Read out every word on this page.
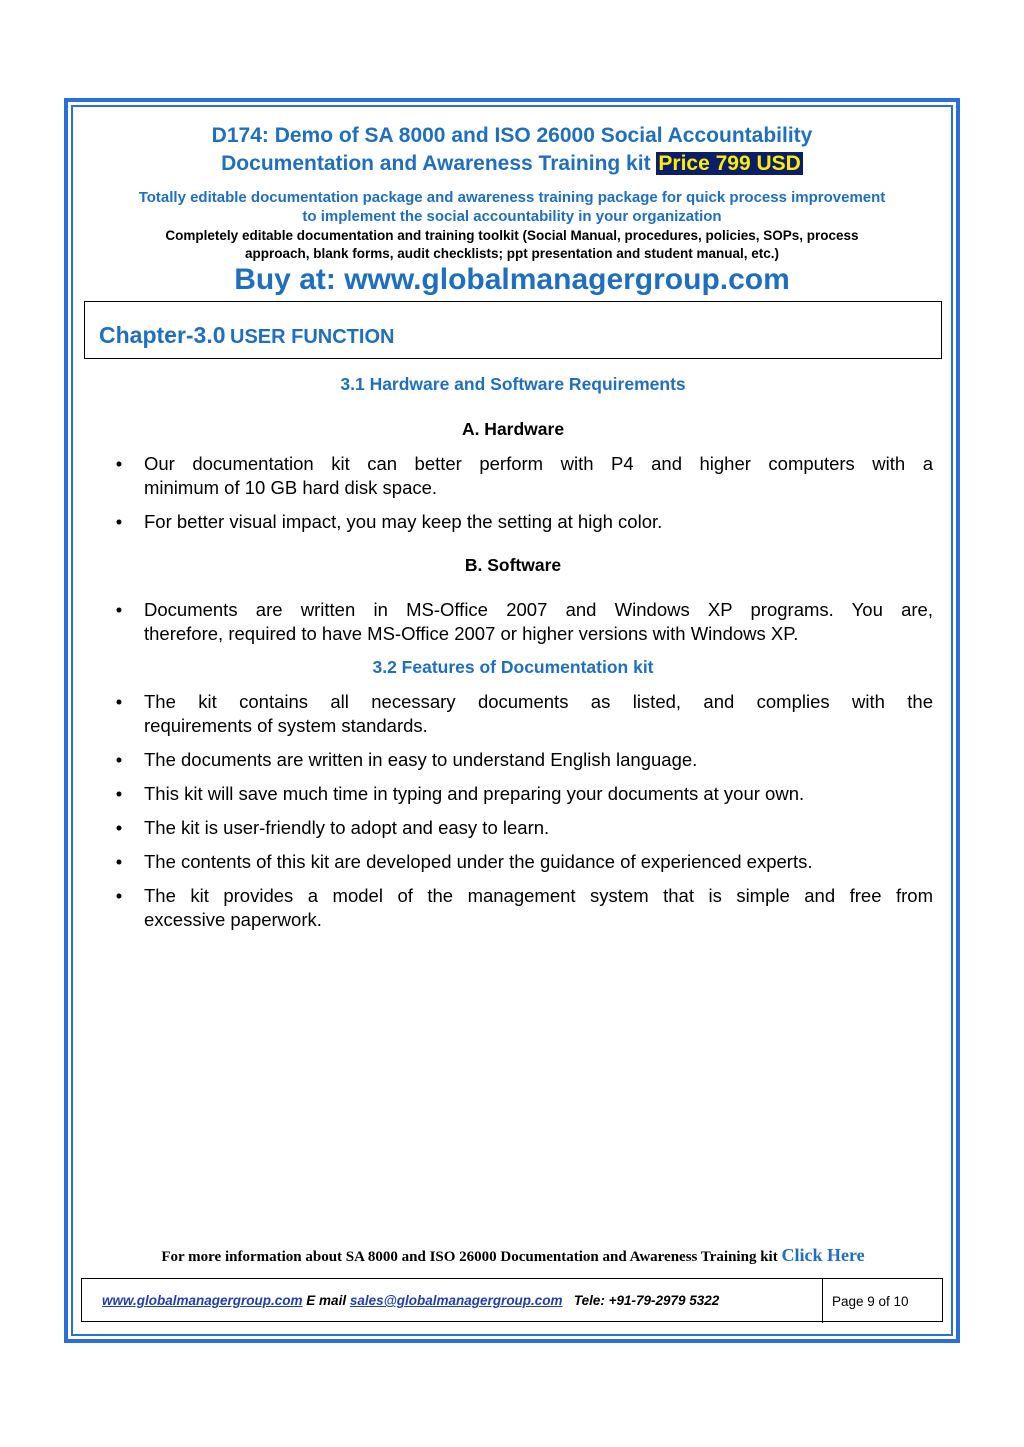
D174: Demo of SA 8000 and ISO 26000 Social Accountability
Documentation and Awareness Training kit Price 799 USD
Totally editable documentation package and awareness training package for quick process improvement
to implement the social accountability in your organization
Completely editable documentation and training toolkit (Social Manual, procedures, policies, SOPs, process
approach, blank forms, audit checklists; ppt presentation and student manual, etc.)
Buy at: www.globalmanagergroup.com
Chapter-3.0 USER FUNCTION
3.1 Hardware and Software Requirements
A. Hardware
• Our documentation kit can better perform with P4 and higher computers with a
minimum of 10 GB hard disk space.
• For better visual impact, you may keep the setting at high color.
B. Software
• Documents are written in MS-Office 2007 and Windows XP programs. You are,
therefore, required to have MS-Office 2007 or higher versions with Windows XP.
3.2 Features of Documentation kit
• The kit contains all necessary documents as listed, and complies with the
requirements of system standards.
• The documents are written in easy to understand English language.
• This kit will save much time in typing and preparing your documents at your own.
• The kit is user-friendly to adopt and easy to learn.
• The contents of this kit are developed under the guidance of experienced experts.
• The kit provides a model of the management system that is simple and free from
excessive paperwork.
For more information about SA 8000 and ISO 26000 Documentation and Awareness Training kit Click Here
www.globalmanagergroup.com E mail sales@globalmanagergroup.com Tele: +91-79-2979 5322	Page 9 of 10
